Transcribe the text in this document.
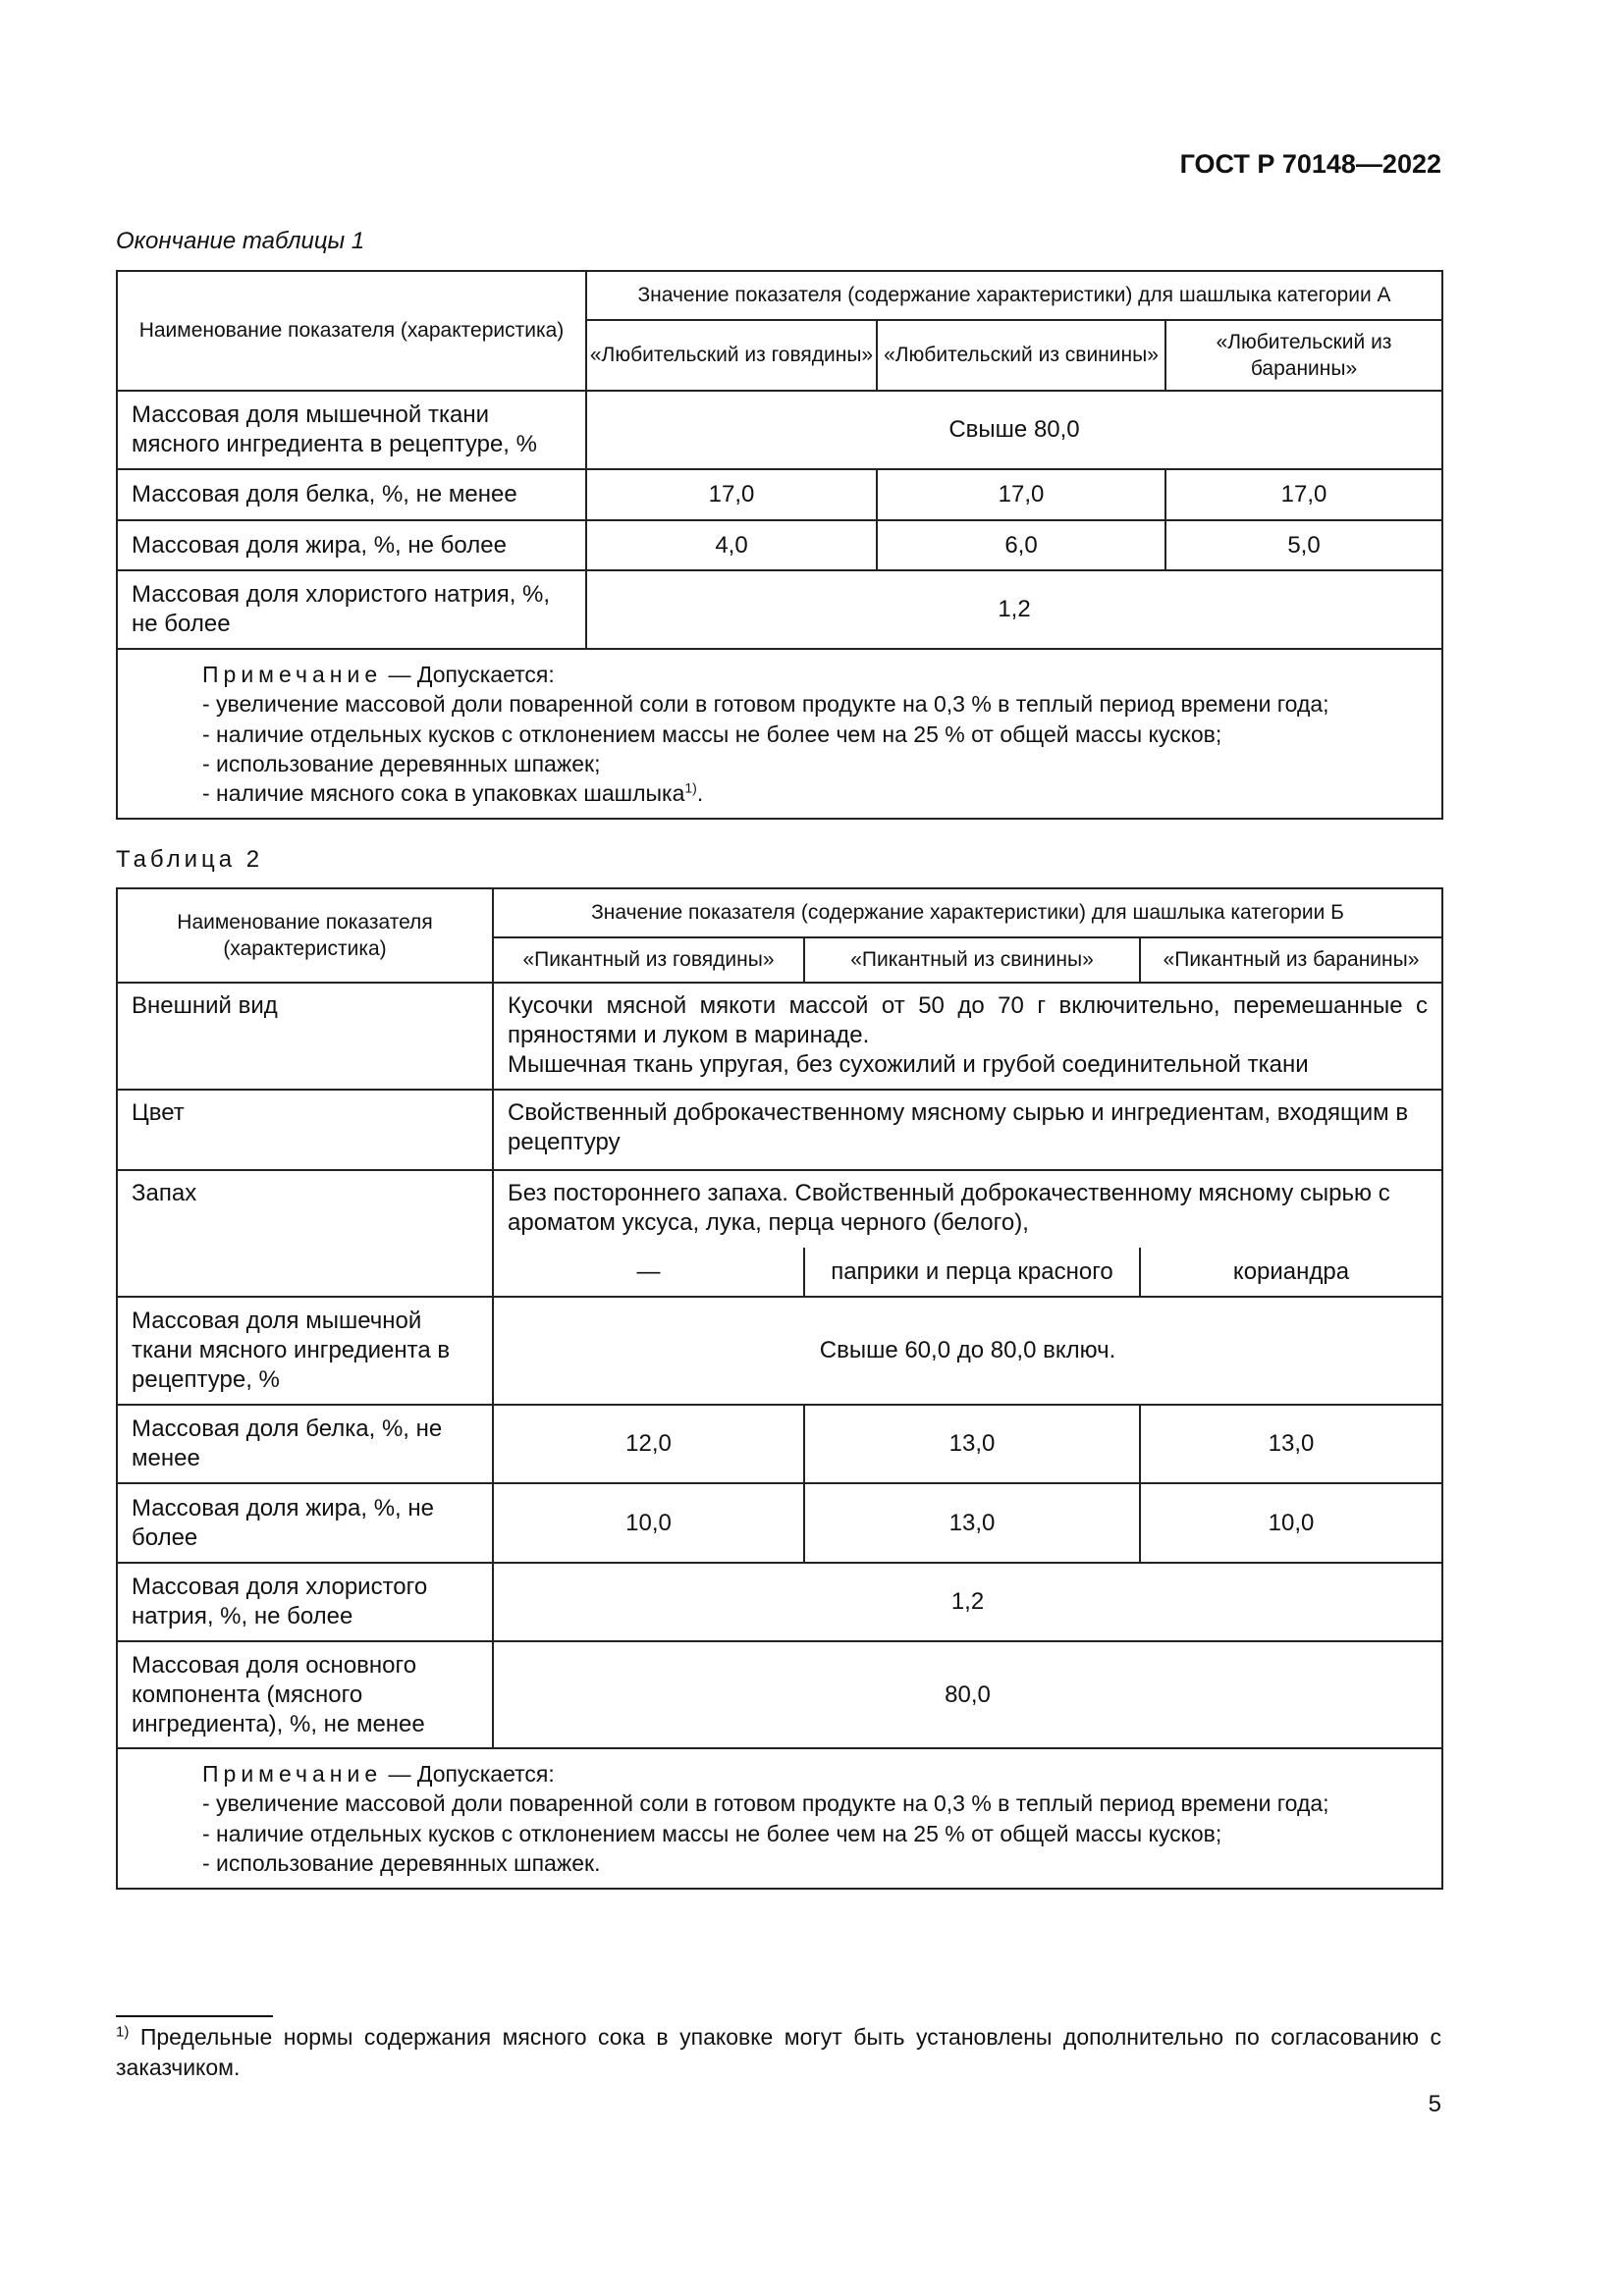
ГОСТ Р 70148—2022
Окончание таблицы 1
Наименование показателя (характеристика)	Значение показателя (содержание характеристики) для шашлыка категории А		
	«Любительский из говядины»	«Любительский из свинины»	«Любительский из баранины»
Массовая доля мышечной ткани мясного ингредиента в рецептуре, %	Свыше 80,0		
Массовая доля белка, %, не менее	17,0	17,0	17,0
Массовая доля жира, %, не более	4,0	6,0	5,0
Массовая доля хлористого натрия, %, не более	1,2		

Примечание — Допускается:
- увеличение массовой доли поваренной соли в готовом продукте на 0,3 % в теплый период времени года;
- наличие отдельных кусков с отклонением массы не более чем на 25 % от общей массы кусков;
- использование деревянных шпажек;
- наличие мясного сока в упаковках шашлыка$^{1)}$.			
Таблица 2
Наименование показателя (характеристика)	Значение показателя (содержание характеристики) для шашлыка категории Б		
	«Пикантный из говядины»	«Пикантный из свинины»	«Пикантный из баранины»
Внешний вид	Кусочки мясной мякоти массой от 50 до 70 г включительно, перемешанные с пряностями и луком в маринаде.
Мышечная ткань упругая, без сухожилий и грубой соединительной ткани		

Цвет	Свойственный доброкачественному мясному сырью и ингредиентам, входящим в рецептуру		
Запах	Без постороннего запаха. Свойственный доброкачественному мясному сырью с ароматом уксуса, лука, перца черного (белого),		
	—	паприки и перца красного	кориандра
Массовая доля мышечной ткани мясного ингредиента в рецептуре, %	Свыше 60,0 до 80,0 включ.		
Массовая доля белка, %, не менее	12,0	13,0	13,0
Массовая доля жира, %, не более	10,0	13,0	10,0
Массовая доля хлористого натрия, %, не более	1,2		
Массовая доля основного компонента (мясного ингредиента), %, не менее	80,0		

Примечание — Допускается:
- увеличение массовой доли поваренной соли в готовом продукте на 0,3 % в теплый период времени года;
- наличие отдельных кусков с отклонением массы не более чем на 25 % от общей массы кусков;
- использование деревянных шпажек.			
$^{1)}$ Предельные нормы содержания мясного сока в упаковке могут быть установлены дополнительно по согласованию с заказчиком.
5
